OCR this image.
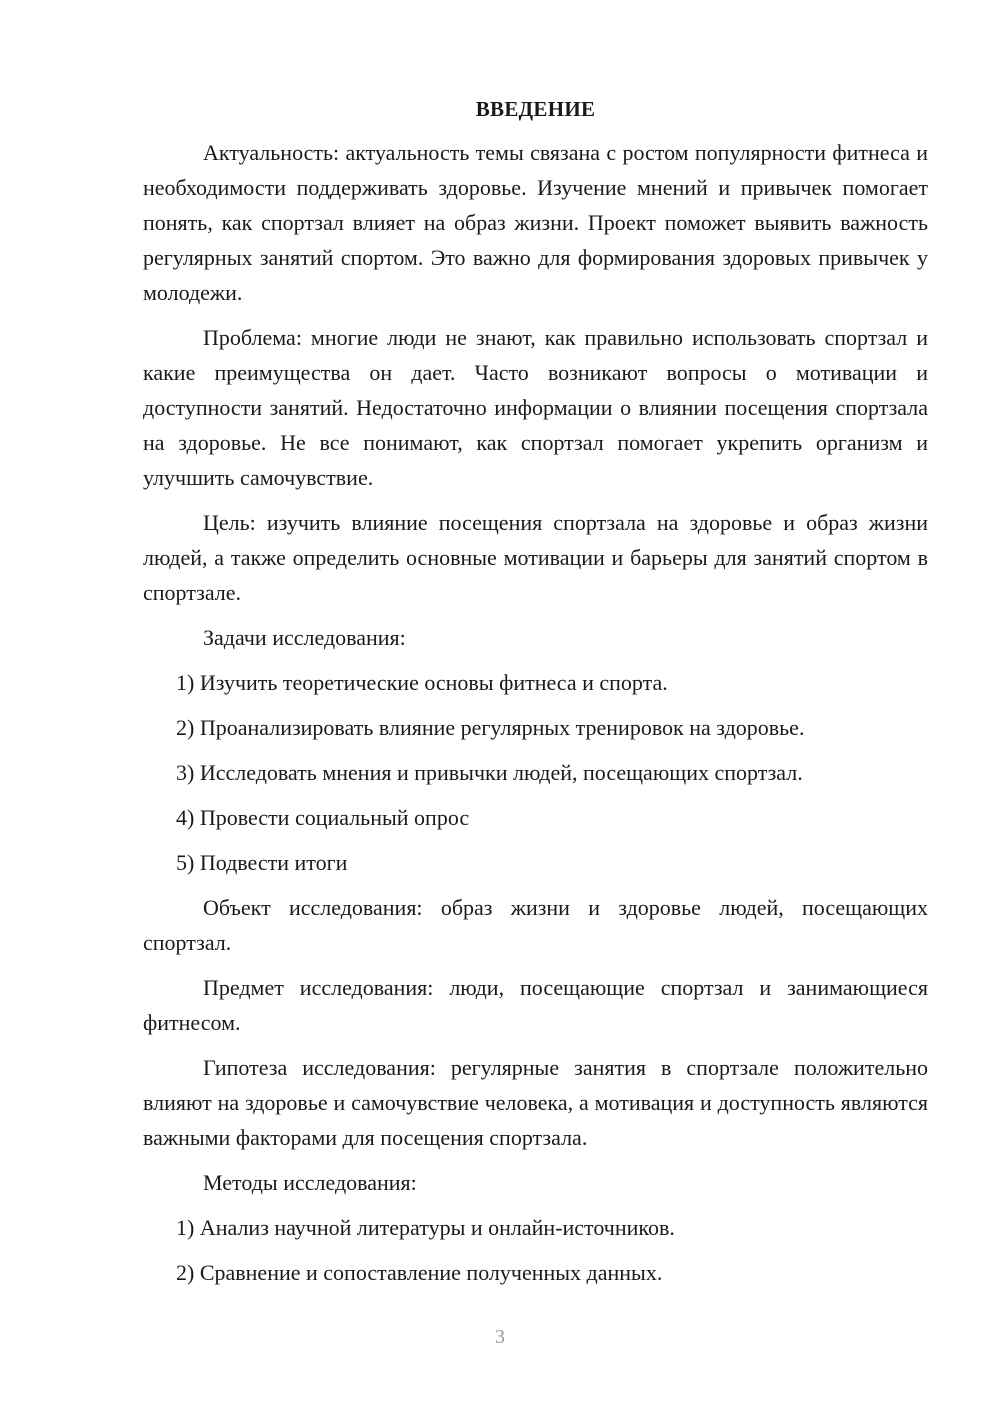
ВВЕДЕНИЕ

Актуальность: актуальность темы связана с ростом популярности фитнеса и необходимости поддерживать здоровье. Изучение мнений и привычек помогает понять, как спортзал влияет на образ жизни. Проект поможет выявить важность регулярных занятий спортом. Это важно для формирования здоровых привычек у молодежи.

Проблема: многие люди не знают, как правильно использовать спортзал и какие преимущества он дает. Часто возникают вопросы о мотивации и доступности занятий. Недостаточно информации о влиянии посещения спортзала на здоровье. Не все понимают, как спортзал помогает укрепить организм и улучшить самочувствие.

Цель: изучить влияние посещения спортзала на здоровье и образ жизни людей, а также определить основные мотивации и барьеры для занятий спортом в спортзале.

Задачи исследования:

1) Изучить теоретические основы фитнеса и спорта.

2) Проанализировать влияние регулярных тренировок на здоровье.

3) Исследовать мнения и привычки людей, посещающих спортзал.

4) Провести социальный опрос

5) Подвести итоги

Объект исследования: образ жизни и здоровье людей, посещающих спортзал.

Предмет исследования: люди, посещающие спортзал и занимающиеся фитнесом.

Гипотеза исследования: регулярные занятия в спортзале положительно влияют на здоровье и самочувствие человека, а мотивация и доступность являются важными факторами для посещения спортзала.

Методы исследования:

1) Анализ научной литературы и онлайн-источников.

2) Сравнение и сопоставление полученных данных.

3
